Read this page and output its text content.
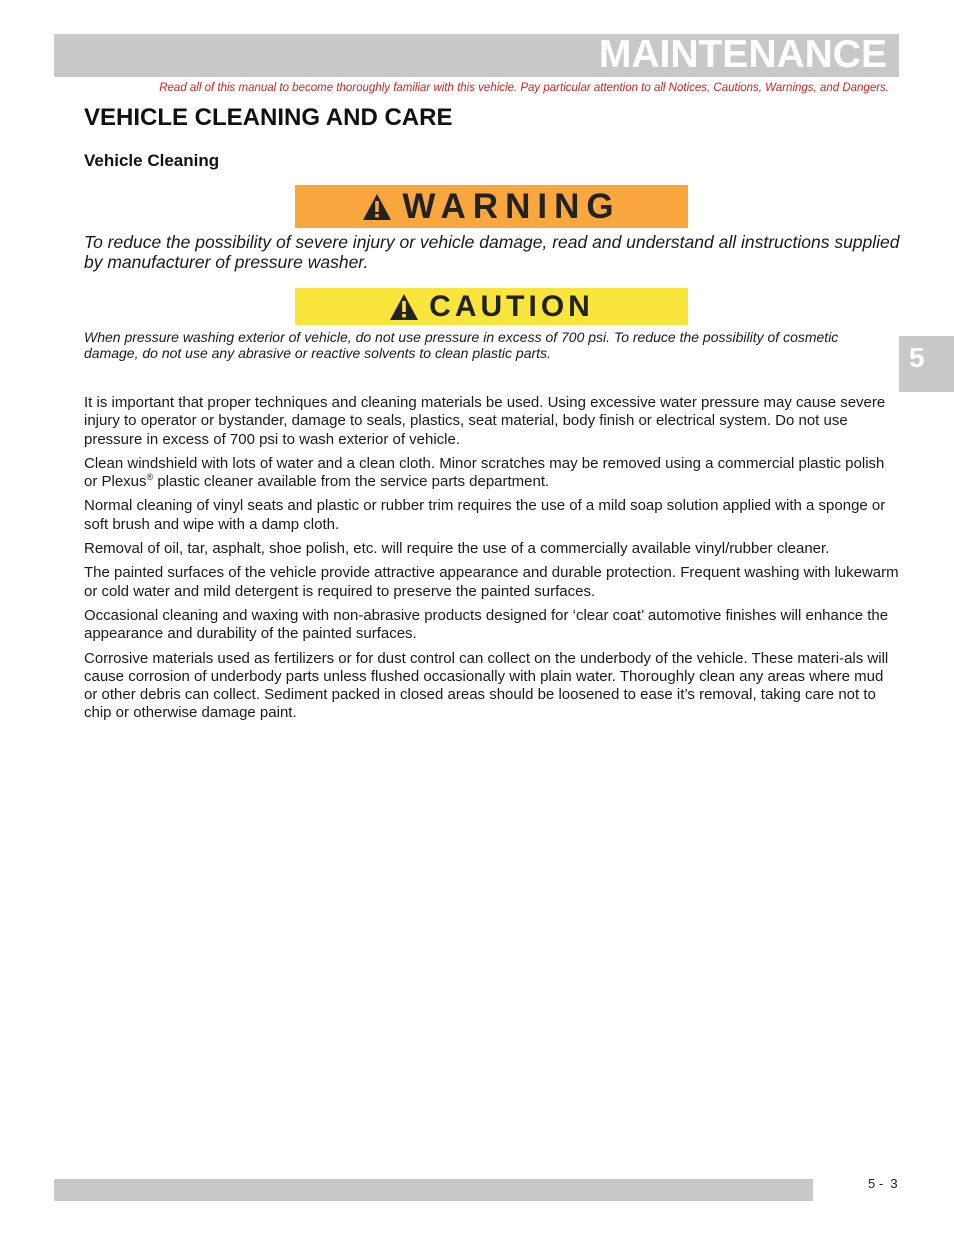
MAINTENANCE
Read all of this manual to become thoroughly familiar with this vehicle. Pay particular attention to all Notices, Cautions, Warnings, and Dangers.
VEHICLE CLEANING AND CARE
Vehicle Cleaning
WARNING

To reduce the possibility of severe injury or vehicle damage, read and understand all instructions supplied by manufacturer of pressure washer.

CAUTION

When pressure washing exterior of vehicle, do not use pressure in excess of 700 psi. To reduce the possibility of cosmetic damage, do not use any abrasive or reactive solvents to clean plastic parts.

It is important that proper techniques and cleaning materials be used. Using excessive water pressure may cause severe injury to operator or bystander, damage to seals, plastics, seat material, body finish or electrical system. Do not use pressure in excess of 700 psi to wash exterior of vehicle.

Clean windshield with lots of water and a clean cloth. Minor scratches may be removed using a commercial plastic polish or Plexus® plastic cleaner available from the service parts department.

Normal cleaning of vinyl seats and plastic or rubber trim requires the use of a mild soap solution applied with a sponge or soft brush and wipe with a damp cloth.

Removal of oil, tar, asphalt, shoe polish, etc. will require the use of a commercially available vinyl/rubber cleaner.

The painted surfaces of the vehicle provide attractive appearance and durable protection. Frequent washing with lukewarm or cold water and mild detergent is required to preserve the painted surfaces.

Occasional cleaning and waxing with non-abrasive products designed for ‘clear coat’ automotive finishes will enhance the appearance and durability of the painted surfaces.

Corrosive materials used as fertilizers or for dust control can collect on the underbody of the vehicle. These materi-als will cause corrosion of underbody parts unless flushed occasionally with plain water. Thoroughly clean any areas where mud or other debris can collect. Sediment packed in closed areas should be loosened to ease it’s removal, taking care not to chip or otherwise damage paint.

5
5 -  3
